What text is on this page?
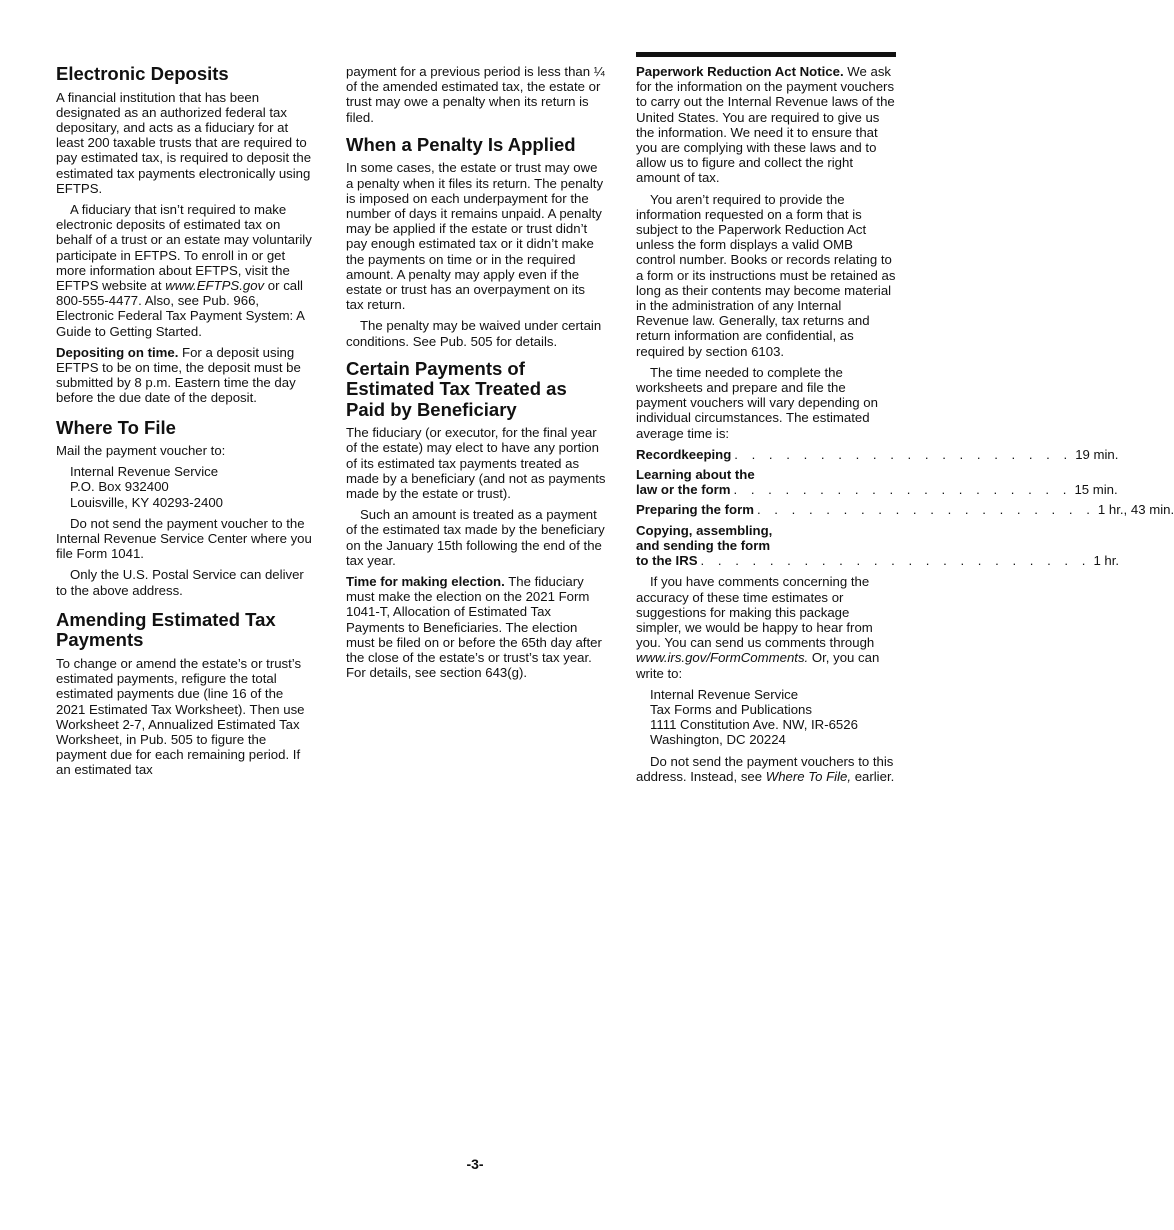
Electronic Deposits

A financial institution that has been designated as an authorized federal tax depositary, and acts as a fiduciary for at least 200 taxable trusts that are required to pay estimated tax, is required to deposit the estimated tax payments electronically using EFTPS.

A fiduciary that isn’t required to make electronic deposits of estimated tax on behalf of a trust or an estate may voluntarily participate in EFTPS. To enroll in or get more information about EFTPS, visit the EFTPS website at www.EFTPS.gov or call 800-555-4477. Also, see Pub. 966, Electronic Federal Tax Payment System: A Guide to Getting Started.

Depositing on time. For a deposit using EFTPS to be on time, the deposit must be submitted by 8 p.m. Eastern time the day before the due date of the deposit.

Where To File

Mail the payment voucher to:

Internal Revenue Service
P.O. Box 932400
Louisville, KY 40293-2400

Do not send the payment voucher to the Internal Revenue Service Center where you file Form 1041.

Only the U.S. Postal Service can deliver to the above address.

Amending Estimated Tax Payments

To change or amend the estate’s or trust’s estimated payments, refigure the total estimated payments due (line 16 of the 2021 Estimated Tax Worksheet). Then use Worksheet 2-7, Annualized Estimated Tax Worksheet, in Pub. 505 to figure the payment due for each remaining period. If an estimated tax

payment for a previous period is less than ¼ of the amended estimated tax, the estate or trust may owe a penalty when its return is filed.

When a Penalty Is Applied

In some cases, the estate or trust may owe a penalty when it files its return. The penalty is imposed on each underpayment for the number of days it remains unpaid. A penalty may be applied if the estate or trust didn’t pay enough estimated tax or it didn’t make the payments on time or in the required amount. A penalty may apply even if the estate or trust has an overpayment on its tax return.

The penalty may be waived under certain conditions. See Pub. 505 for details.

Certain Payments of Estimated Tax Treated as Paid by Beneficiary

The fiduciary (or executor, for the final year of the estate) may elect to have any portion of its estimated tax payments treated as made by a beneficiary (and not as payments made by the estate or trust).

Such an amount is treated as a payment of the estimated tax made by the beneficiary on the January 15th following the end of the tax year.

Time for making election. The fiduciary must make the election on the 2021 Form 1041-T, Allocation of Estimated Tax Payments to Beneficiaries. The election must be filed on or before the 65th day after the close of the estate’s or trust’s tax year. For details, see section 643(g).

Paperwork Reduction Act Notice. We ask for the information on the payment vouchers to carry out the Internal Revenue laws of the United States. You are required to give us the information. We need it to ensure that you are complying with these laws and to allow us to figure and collect the right amount of tax.

You aren’t required to provide the information requested on a form that is subject to the Paperwork Reduction Act unless the form displays a valid OMB control number. Books or records relating to a form or its instructions must be retained as long as their contents may become material in the administration of any Internal Revenue law. Generally, tax returns and return information are confidential, as required by section 6103.

The time needed to complete the worksheets and prepare and file the payment vouchers will vary depending on individual circumstances. The estimated average time is:

Recordkeeping . . . . . . . . . . . . . . . . . . . . 19 min.
Learning about the
law or the form . . . . . . . . . . . . . . . . . . . . 15 min.
Preparing the form . . . . . . . . . . . . . . . . . . . . 1 hr., 43 min.
Copying, assembling,
and sending the form
to the IRS . . . . . . . . . . . . . . . . . . . . . . . 1 hr.

If you have comments concerning the accuracy of these time estimates or suggestions for making this package simpler, we would be happy to hear from you. You can send us comments through www.irs.gov/FormComments. Or, you can write to:

Internal Revenue Service
Tax Forms and Publications
1111 Constitution Ave. NW, IR-6526
Washington, DC 20224

Do not send the payment vouchers to this address. Instead, see Where To File, earlier.

-3-
